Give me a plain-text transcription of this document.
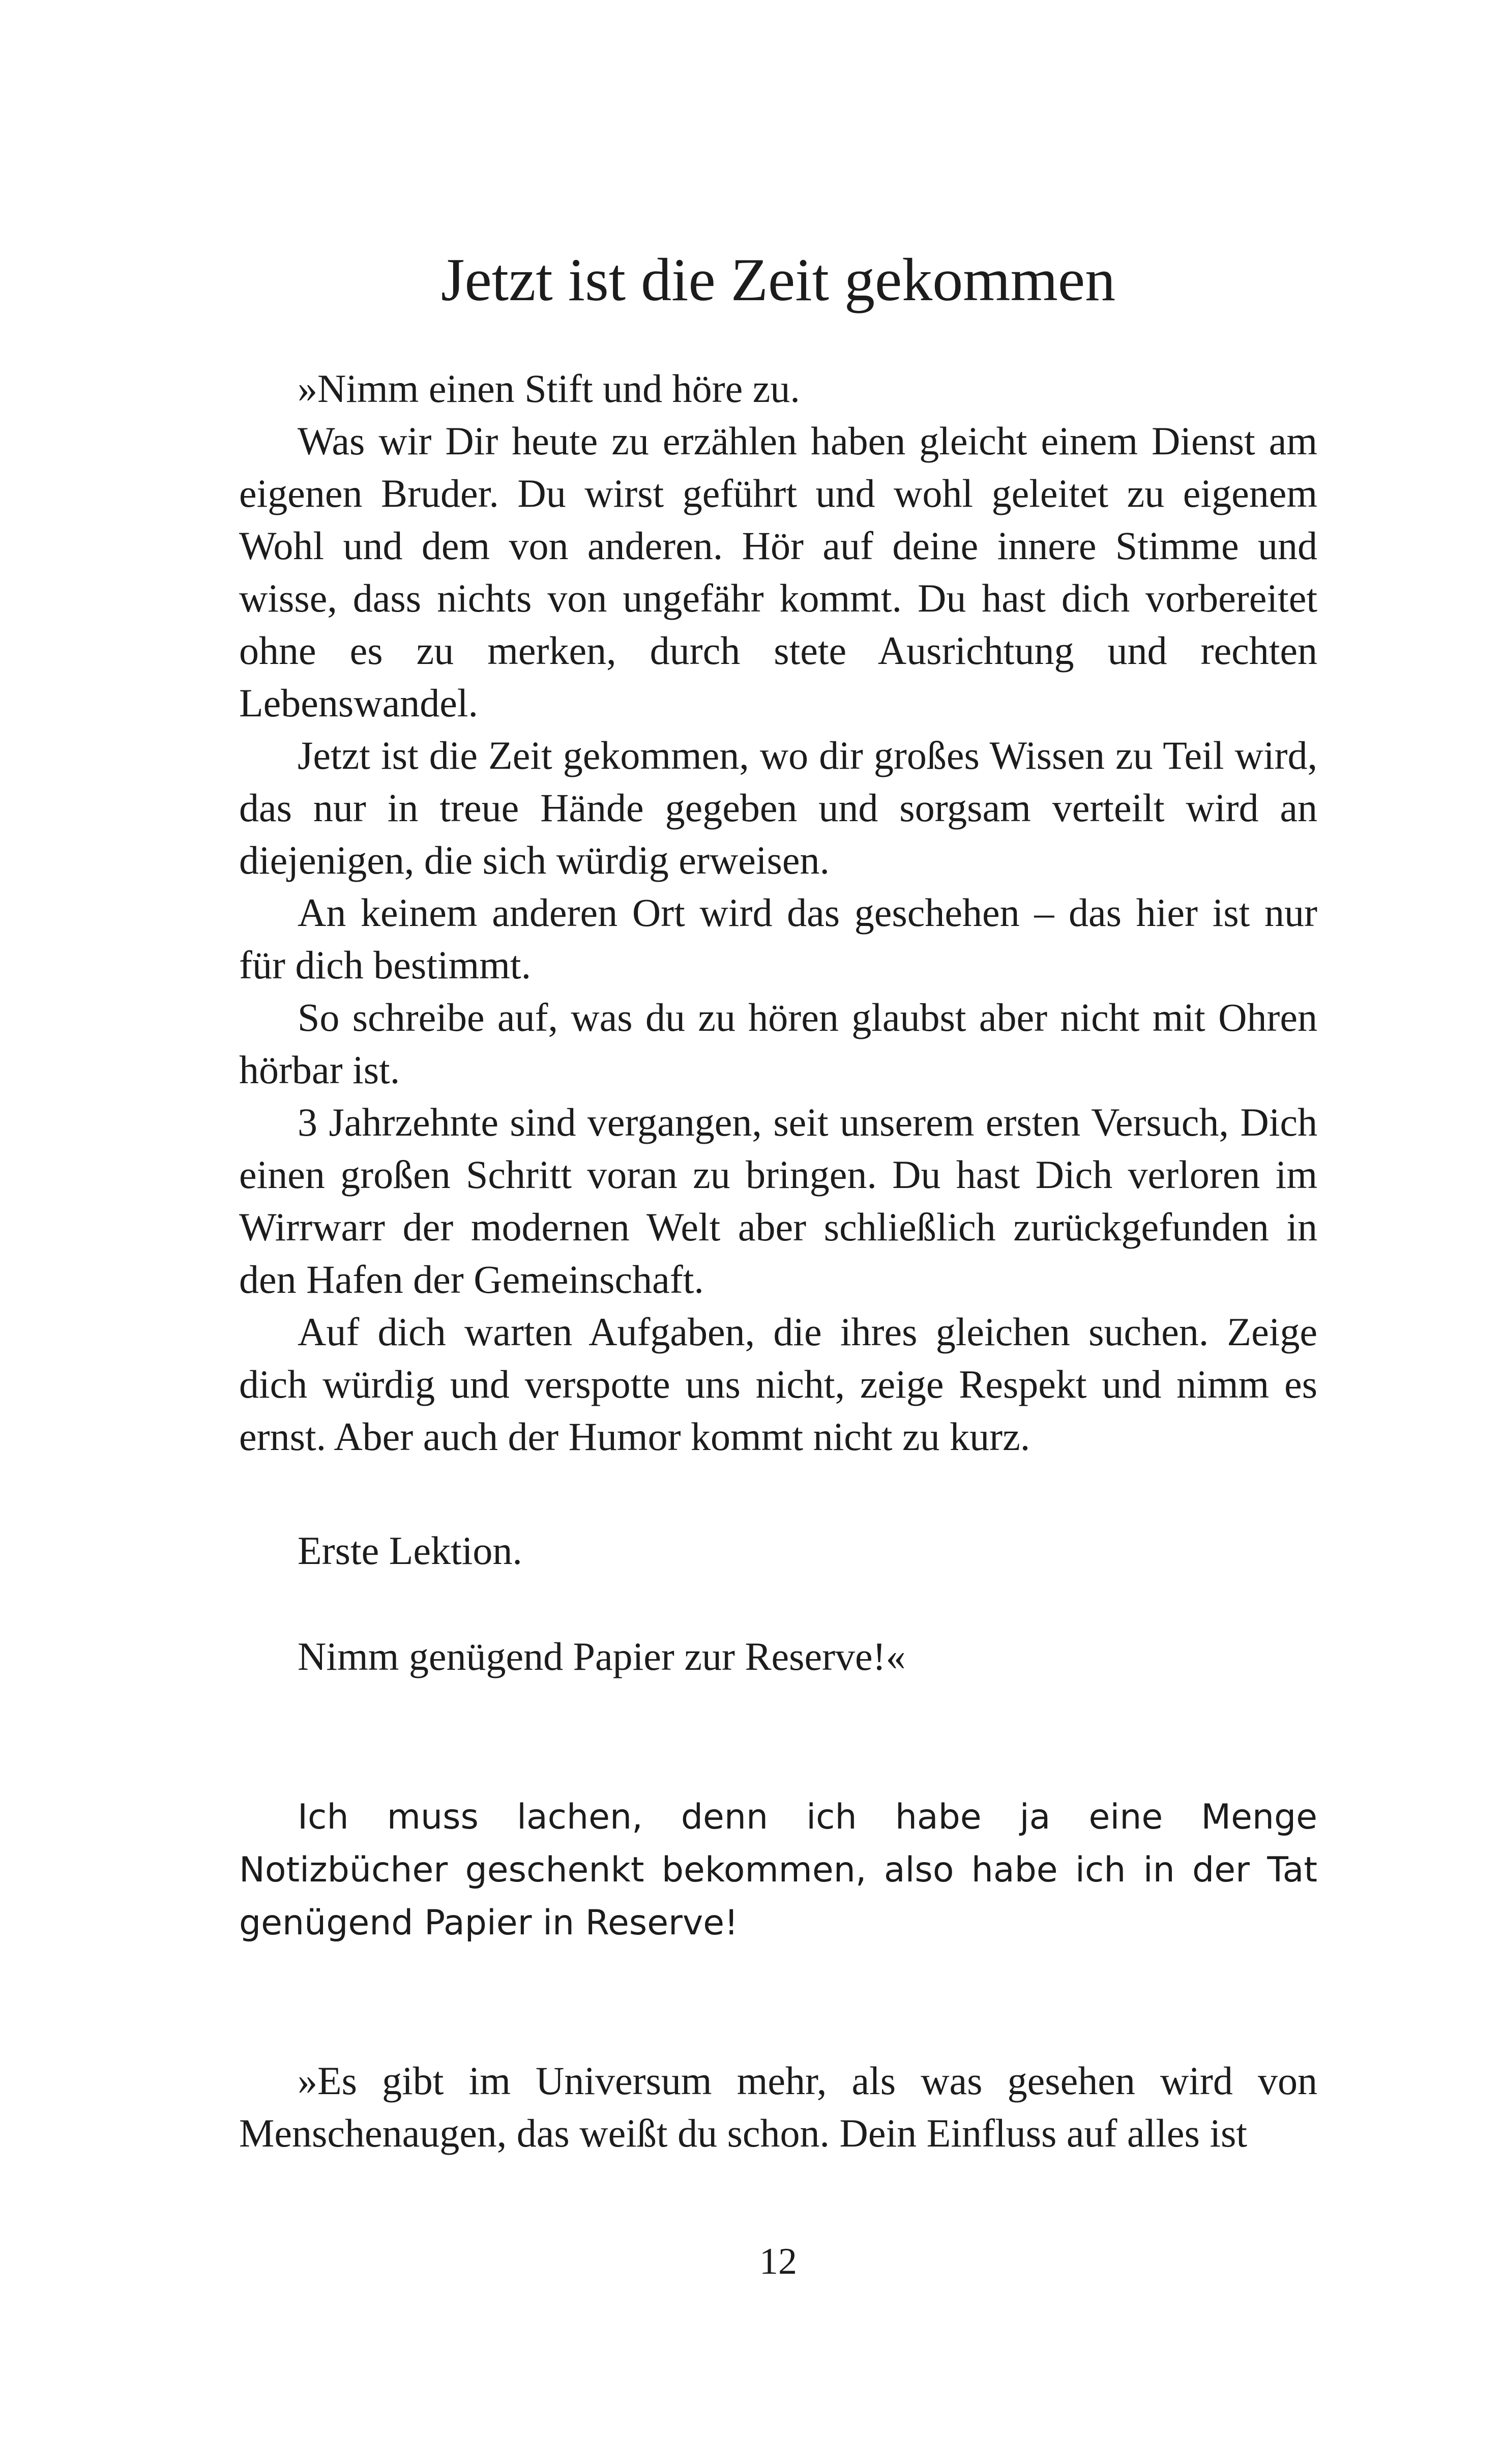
Jetzt ist die Zeit gekommen

»Nimm einen Stift und höre zu.

Was wir Dir heute zu erzählen haben gleicht einem Dienst am eigenen Bruder. Du wirst geführt und wohl geleitet zu eigenem Wohl und dem von anderen. Hör auf deine innere Stimme und wisse, dass nichts von ungefähr kommt. Du hast dich vorbereitet ohne es zu merken, durch stete Ausrichtung und rechten Lebenswandel.

Jetzt ist die Zeit gekommen, wo dir großes Wissen zu Teil wird, das nur in treue Hände gegeben und sorgsam verteilt wird an diejenigen, die sich würdig erweisen.

An keinem anderen Ort wird das geschehen – das hier ist nur für dich bestimmt.

So schreibe auf, was du zu hören glaubst aber nicht mit Ohren hörbar ist.

3 Jahrzehnte sind vergangen, seit unserem ersten Versuch, Dich einen großen Schritt voran zu bringen. Du hast Dich verloren im Wirrwarr der modernen Welt aber schließlich zurückgefunden in den Hafen der Gemeinschaft.

Auf dich warten Aufgaben, die ihres gleichen suchen. Zeige dich würdig und verspotte uns nicht, zeige Respekt und nimm es ernst. Aber auch der Humor kommt nicht zu kurz.

Erste Lektion.

Nimm genügend Papier zur Reserve!«

Ich muss lachen, denn ich habe ja eine Menge Notizbücher geschenkt bekommen, also habe ich in der Tat genügend Papier in Reserve!

»Es gibt im Universum mehr, als was gesehen wird von Menschenaugen, das weißt du schon. Dein Einfluss auf alles ist

12
